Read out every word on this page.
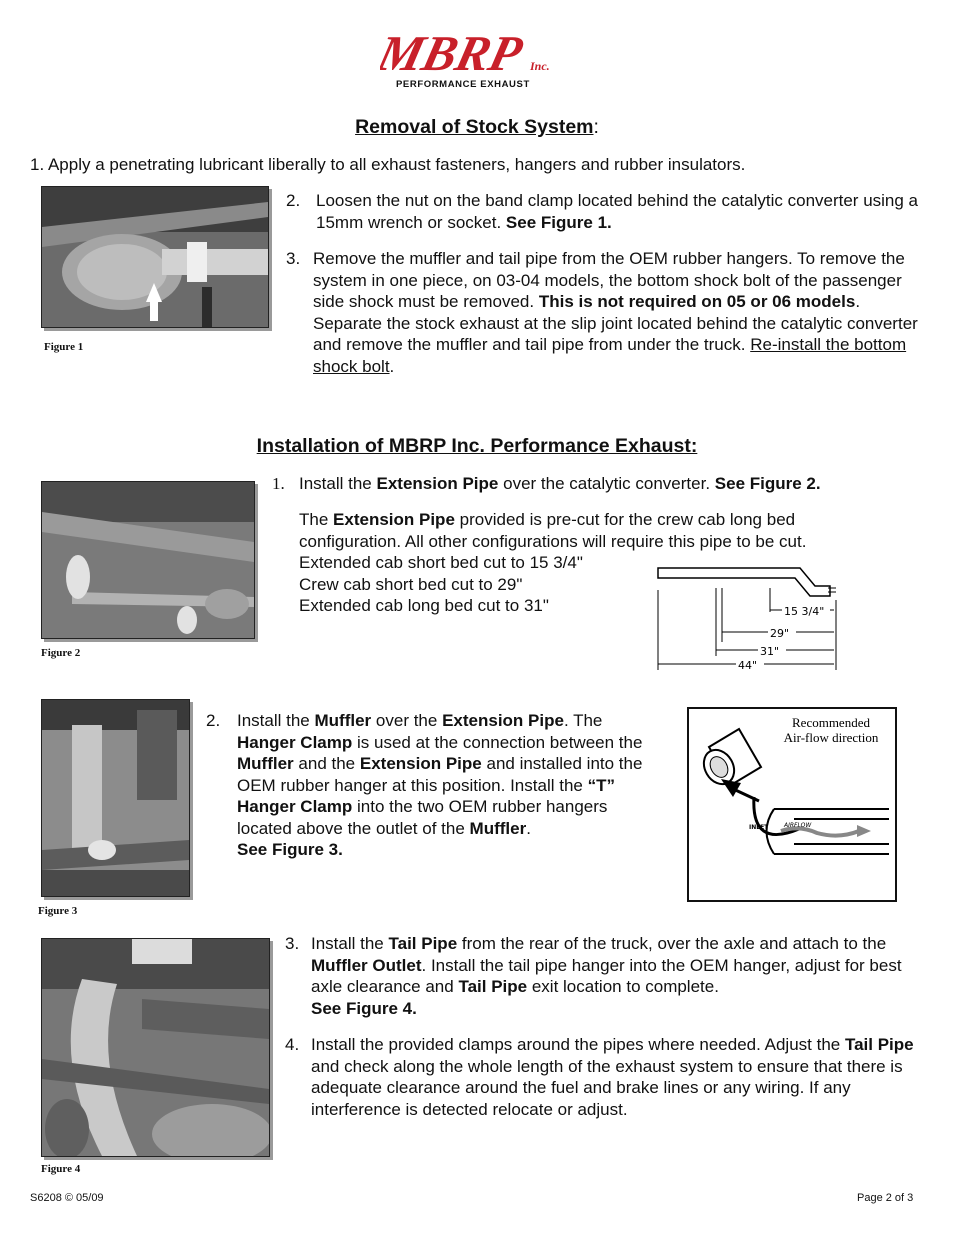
MBRP Inc.
PERFORMANCE EXHAUST
Removal of Stock System:
1. Apply a penetrating lubricant liberally to all exhaust fasteners, hangers and rubber insulators.
Figure 1
2. Loosen the nut on the band clamp located behind the catalytic converter using a 15mm wrench or socket. See Figure 1.
3. Remove the muffler and tail pipe from the OEM rubber hangers. To remove the system in one piece, on 03-04 models, the bottom shock bolt of the passenger side shock must be removed. This is not required on 05 or 06 models. Separate the stock exhaust at the slip joint located behind the catalytic converter and remove the muffler and tail pipe from under the truck. Re-install the bottom shock bolt.
Installation of MBRP Inc. Performance Exhaust:
Figure 2
1. Install the Extension Pipe over the catalytic converter. See Figure 2.
The Extension Pipe provided is pre-cut for the crew cab long bed configuration. All other configurations will require this pipe to be cut.
Extended cab short bed cut to 15 3/4"
Crew cab short bed cut to 29"
Extended cab long bed cut to 31"	15 3/4"
29"
31"
44"
Figure 3
2. Install the Muffler over the Extension Pipe. The Hanger Clamp is used at the connection between the Muffler and the Extension Pipe and installed into the OEM rubber hanger at this position. Install the “T” Hanger Clamp into the two OEM rubber hangers located above the outlet of the Muffler.
See Figure 3.
Recommended
Air-flow direction
INLET	AIRFLOW
Figure 4
3. Install the Tail Pipe from the rear of the truck, over the axle and attach to the Muffler Outlet. Install the tail pipe hanger into the OEM hanger, adjust for best axle clearance and Tail Pipe exit location to complete.
See Figure 4.
4. Install the provided clamps around the pipes where needed. Adjust the Tail Pipe and check along the whole length of the exhaust system to ensure that there is adequate clearance around the fuel and brake lines or any wiring. If any interference is detected relocate or adjust.
S6208 © 05/09	Page 2 of 3
